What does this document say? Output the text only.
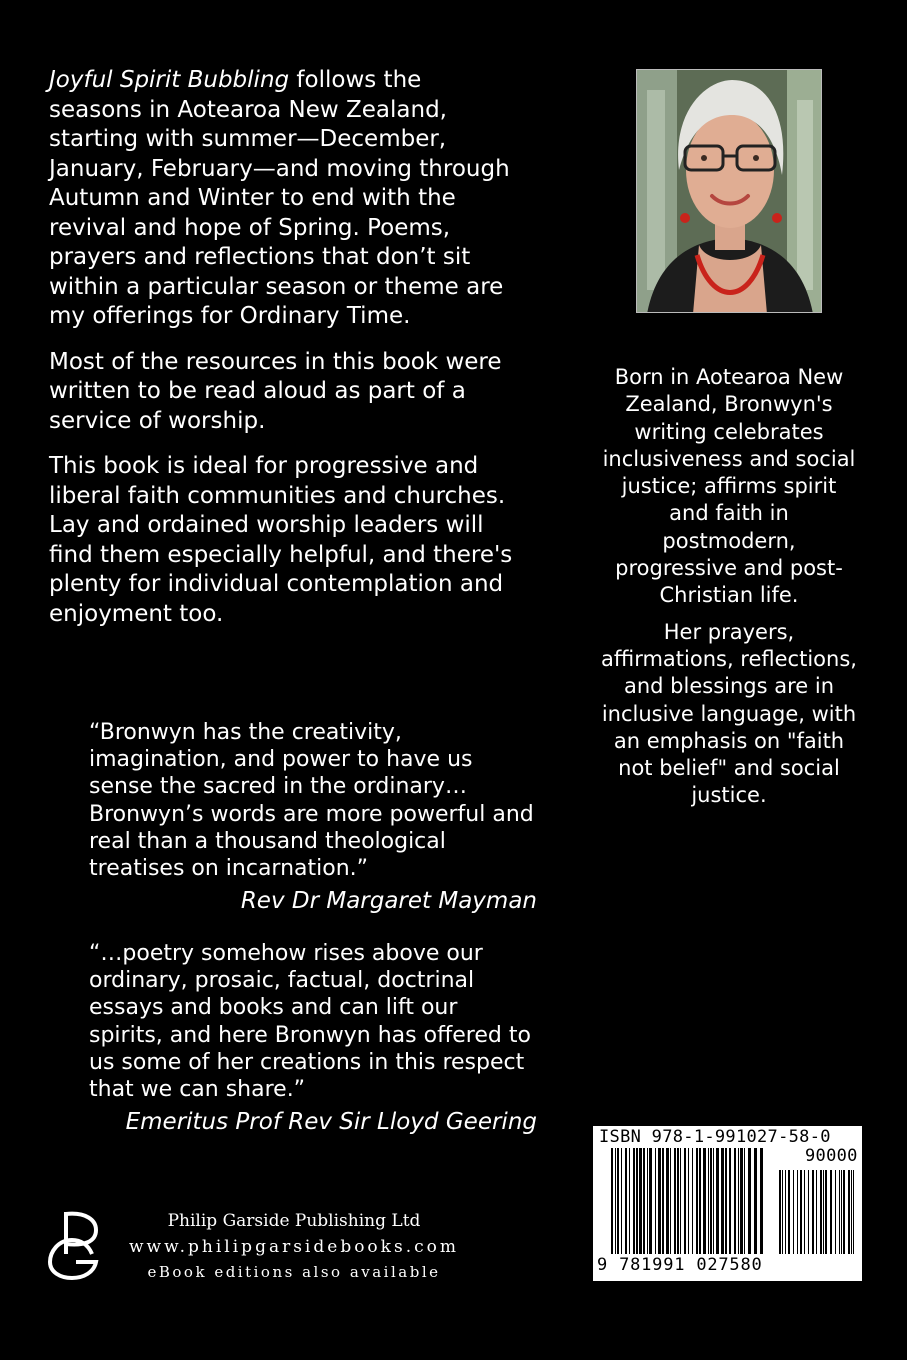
Joyful Spirit Bubbling follows the seasons in Aotearoa New Zealand, starting with summer—December, January, February—and moving through Autumn and Winter to end with the revival and hope of Spring. Poems, prayers and reflections that don’t sit within a particular season or theme are my offerings for Ordinary Time.

Most of the resources in this book were written to be read aloud as part of a service of worship.

This book is ideal for progressive and liberal faith communities and churches. Lay and ordained worship leaders will find them especially helpful, and there's plenty for individual contemplation and enjoyment too.

“Bronwyn has the creativity, imagination, and power to have us sense the sacred in the ordinary… Bronwyn’s words are more powerful and real than a thousand theological treatises on incarnation.”
Rev Dr Margaret Mayman
“…poetry somehow rises above our ordinary, prosaic, factual, doctrinal essays and books and can lift our spirits, and here Bronwyn has offered to us some of her creations in this respect that we can share.”
Emeritus Prof Rev Sir Lloyd Geering

Born in Aotearoa New Zealand, Bronwyn's writing celebrates inclusiveness and social justice; affirms spirit and faith in postmodern, progressive and post-Christian life.

Her prayers, affirmations, reflections, and blessings are in inclusive language, with an emphasis on "faith not belief" and social justice.

Philip Garside Publishing Ltd
www.philipgarsidebooks.com
eBook editions also available
ISBN 978-1-991027-58-0
90000
9 781991 027580
